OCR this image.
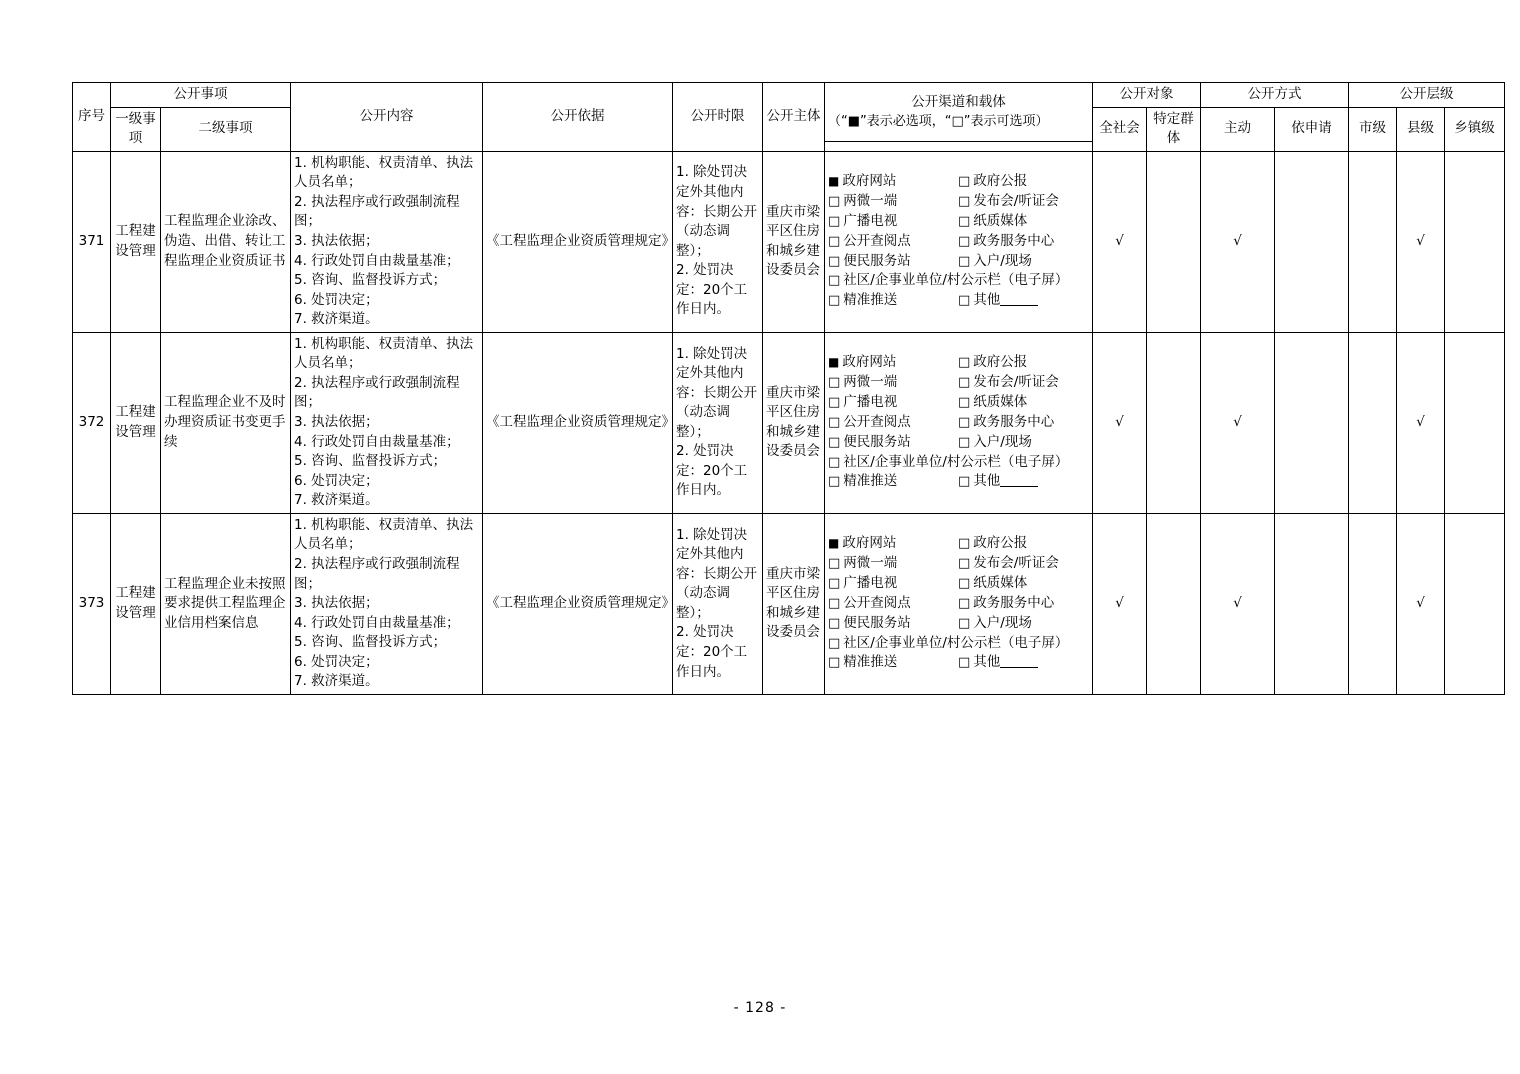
序号	公开事项		公开内容	公开依据	公开时限	公开主体	公开渠道和载体
（“■”表示必选项，“□”表示可选项）	公开对象		公开方式		公开层级		
	一级事项	二级事项						全社会	特定群体	主动	依申请	市级	县级	乡镇级

371	工程建设管理	工程监理企业涂改、伪造、出借、转让工程监理企业资质证书	1. 机构职能、权责清单、执法人员名单；
2. 执法程序或行政强制流程图；
3. 执法依据；
4. 行政处罚自由裁量基准；
5. 咨询、监督投诉方式；
6. 处罚决定；
7. 救济渠道。	《工程监理企业资质管理规定》	1. 除处罚决定外其他内容：长期公开（动态调整）；
2. 处罚决定：20个工作日内。	重庆市梁平区住房和城乡建设委员会	
■ 政府网站	□ 政府公报
□ 两微一端	□ 发布会/听证会
□ 广播电视	□ 纸质媒体
□ 公开查阅点	□ 政务服务中心
□ 便民服务站	□ 入户/现场
□ 社区/企事业单位/村公示栏（电子屏）
□ 精准推送	□ 其他
	√		√			√	
372	工程建设管理	工程监理企业不及时办理资质证书变更手续	1. 机构职能、权责清单、执法人员名单；
2. 执法程序或行政强制流程图；
3. 执法依据；
4. 行政处罚自由裁量基准；
5. 咨询、监督投诉方式；
6. 处罚决定；
7. 救济渠道。	《工程监理企业资质管理规定》	1. 除处罚决定外其他内容：长期公开（动态调整）；
2. 处罚决定：20个工作日内。	重庆市梁平区住房和城乡建设委员会	
■ 政府网站	□ 政府公报
□ 两微一端	□ 发布会/听证会
□ 广播电视	□ 纸质媒体
□ 公开查阅点	□ 政务服务中心
□ 便民服务站	□ 入户/现场
□ 社区/企事业单位/村公示栏（电子屏）
□ 精准推送	□ 其他
	√		√			√	
373	工程建设管理	工程监理企业未按照要求提供工程监理企业信用档案信息	1. 机构职能、权责清单、执法人员名单；
2. 执法程序或行政强制流程图；
3. 执法依据；
4. 行政处罚自由裁量基准；
5. 咨询、监督投诉方式；
6. 处罚决定；
7. 救济渠道。	《工程监理企业资质管理规定》	1. 除处罚决定外其他内容：长期公开（动态调整）；
2. 处罚决定：20个工作日内。	重庆市梁平区住房和城乡建设委员会	
■ 政府网站	□ 政府公报
□ 两微一端	□ 发布会/听证会
□ 广播电视	□ 纸质媒体
□ 公开查阅点	□ 政务服务中心
□ 便民服务站	□ 入户/现场
□ 社区/企事业单位/村公示栏（电子屏）
□ 精准推送	□ 其他
	√		√			√	
- 128 -
